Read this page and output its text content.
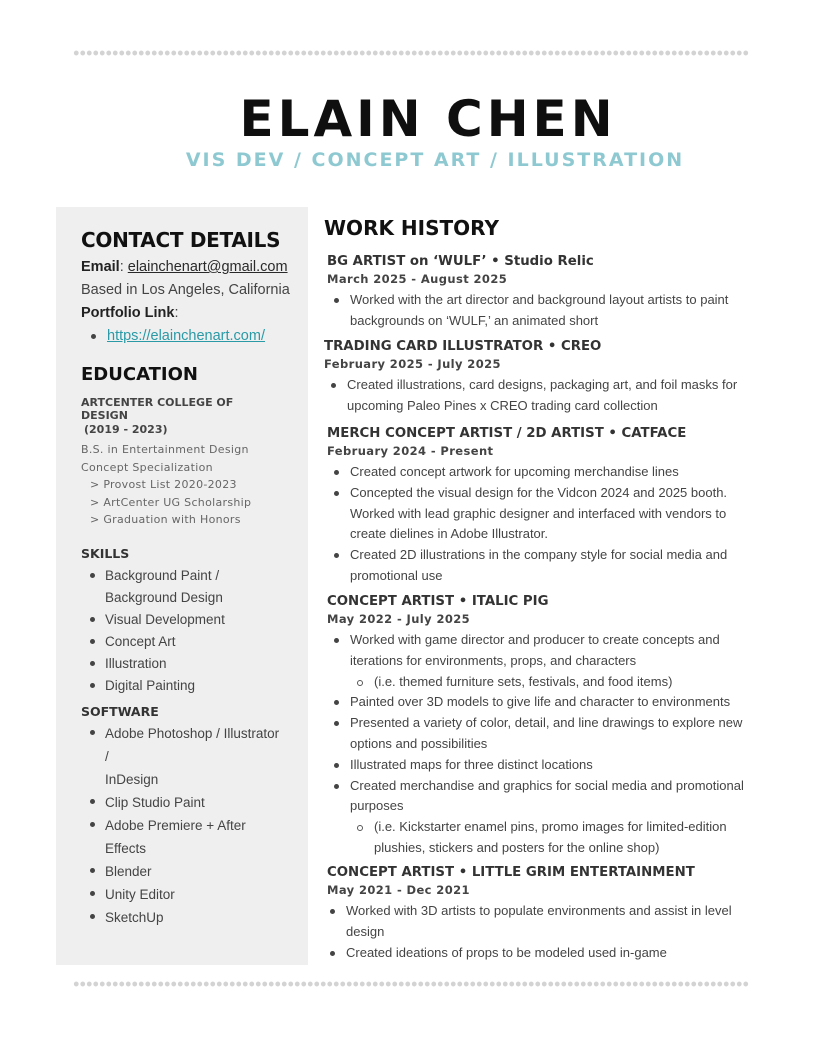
ELAIN CHEN
VIS DEV / CONCEPT ART / ILLUSTRATION
CONTACT DETAILS
Email: elainchenart@gmail.com
Based in Los Angeles, California
Portfolio Link:
https://elainchenart.com/
EDUCATION
ARTCENTER COLLEGE OF DESIGN
(2019 - 2023)
B.S. in Entertainment Design
Concept Specialization
> Provost List 2020-2023
> ArtCenter UG Scholarship
> Graduation with Honors
SKILLS
Background Paint /
Background Design
Visual Development
Concept Art
Illustration
Digital Painting
SOFTWARE
Adobe Photoshop / Illustrator /
InDesign
Clip Studio Paint
Adobe Premiere + After
Effects
Blender
Unity Editor
SketchUp
WORK HISTORY
BG ARTIST on ‘WULF’ • Studio Relic
March 2025 - August 2025
Worked with the art director and background layout artists to paint backgrounds on ‘WULF,’ an animated short
TRADING CARD ILLUSTRATOR • CREO
February 2025 - July 2025
Created illustrations, card designs, packaging art, and foil masks for upcoming Paleo Pines x CREO trading card collection
MERCH CONCEPT ARTIST / 2D ARTIST • CATFACE
February 2024 - Present
Created concept artwork for upcoming merchandise lines
Concepted the visual design for the Vidcon 2024 and 2025 booth. Worked with lead graphic designer and interfaced with vendors to create dielines in Adobe Illustrator.
Created 2D illustrations in the company style for social media and promotional use
CONCEPT ARTIST • ITALIC PIG
May 2022 - July 2025
Worked with game director and producer to create concepts and iterations for environments, props, and characters
(i.e. themed furniture sets, festivals, and food items)
Painted over 3D models to give life and character to environments
Presented a variety of color, detail, and line drawings to explore new options and possibilities
Illustrated maps for three distinct locations
Created merchandise and graphics for social media and promotional purposes
(i.e. Kickstarter enamel pins, promo images for limited-edition plushies, stickers and posters for the online shop)
CONCEPT ARTIST • LITTLE GRIM ENTERTAINMENT
May 2021 - Dec 2021
Worked with 3D artists to populate environments and assist in level design
Created ideations of props to be modeled used in-game
